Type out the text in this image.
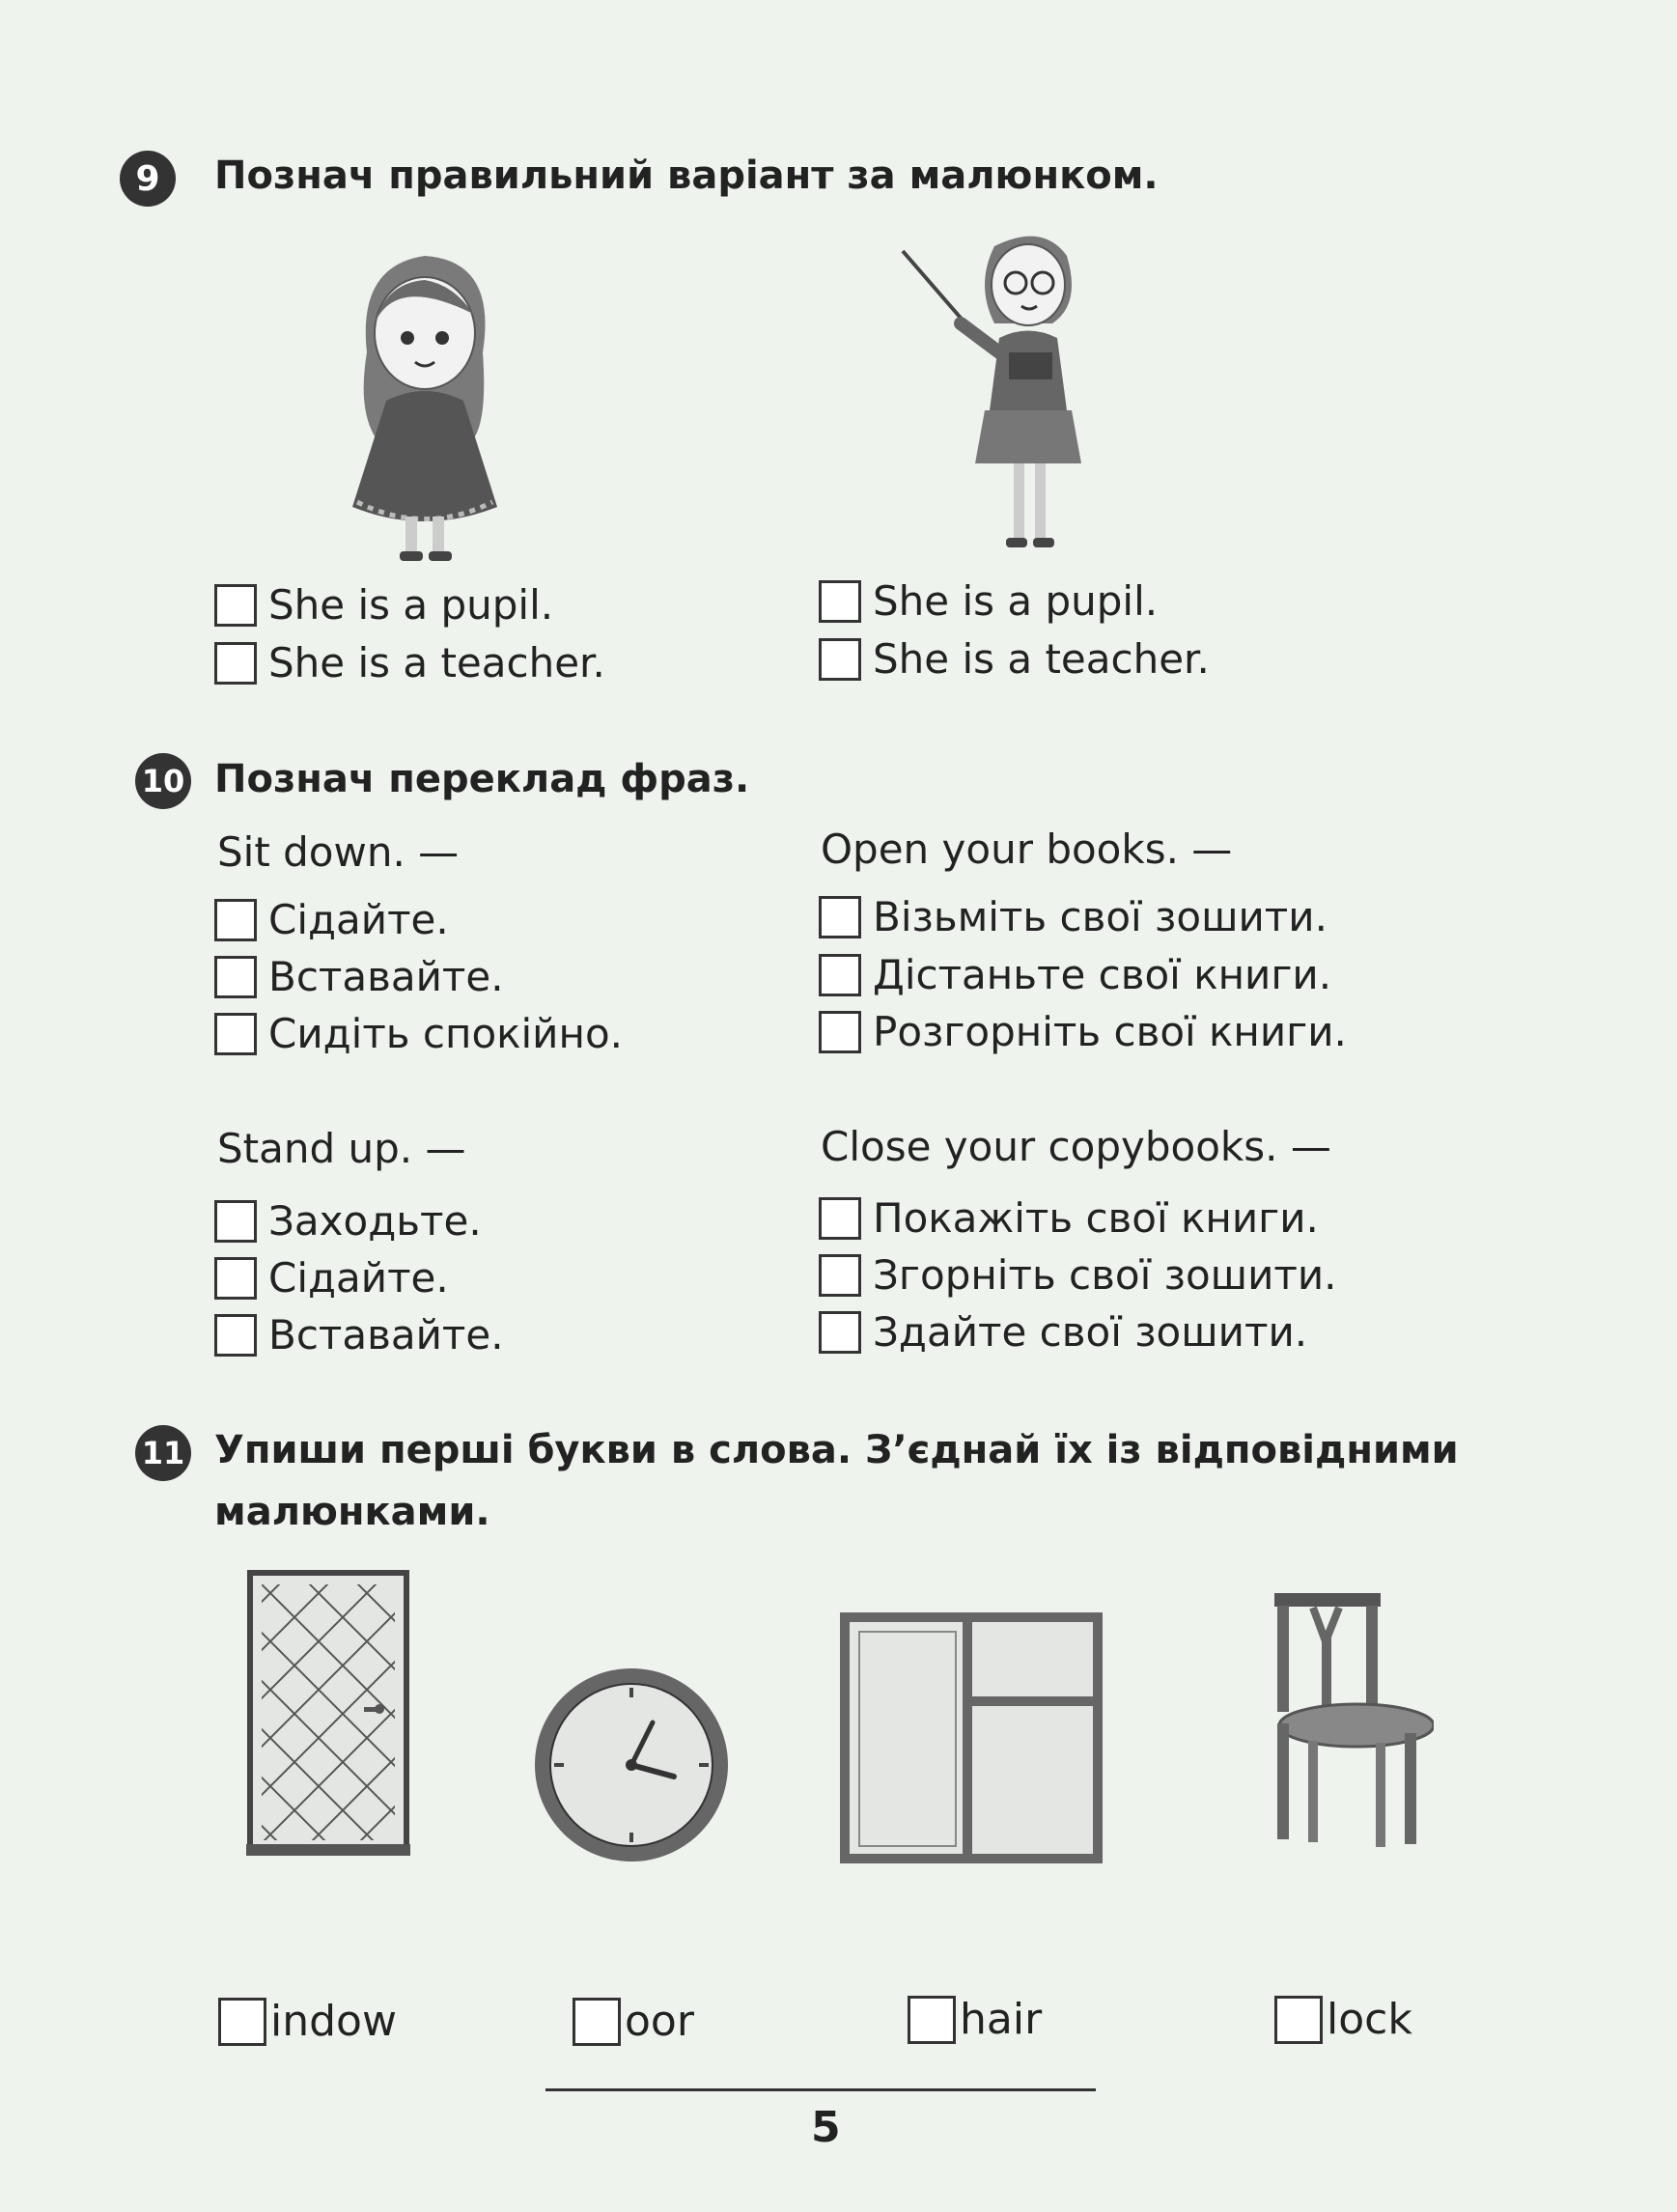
9	Познач правильний варіант за малюнком.
She is a pupil.
She is a teacher.
She is a pupil.
She is a teacher.
10 Познач переклад фраз.
Sit down. —
Сідайте.
Вставайте.
Сидіть спокійно.
Open your books. —
Візьміть свої зошити.
Дістаньте свої книги.
Розгорніть свої книги.
Stand up. —
Заходьте.
Сідайте.
Вставайте.
Close your copybooks. —
Покажіть свої книги.
Згорніть свої зошити.
Здайте свої зошити.
11 Упиши перші букви в слова. З’єднай їх із відповідними
малюнками.
indow	oor	hair	lock
5
